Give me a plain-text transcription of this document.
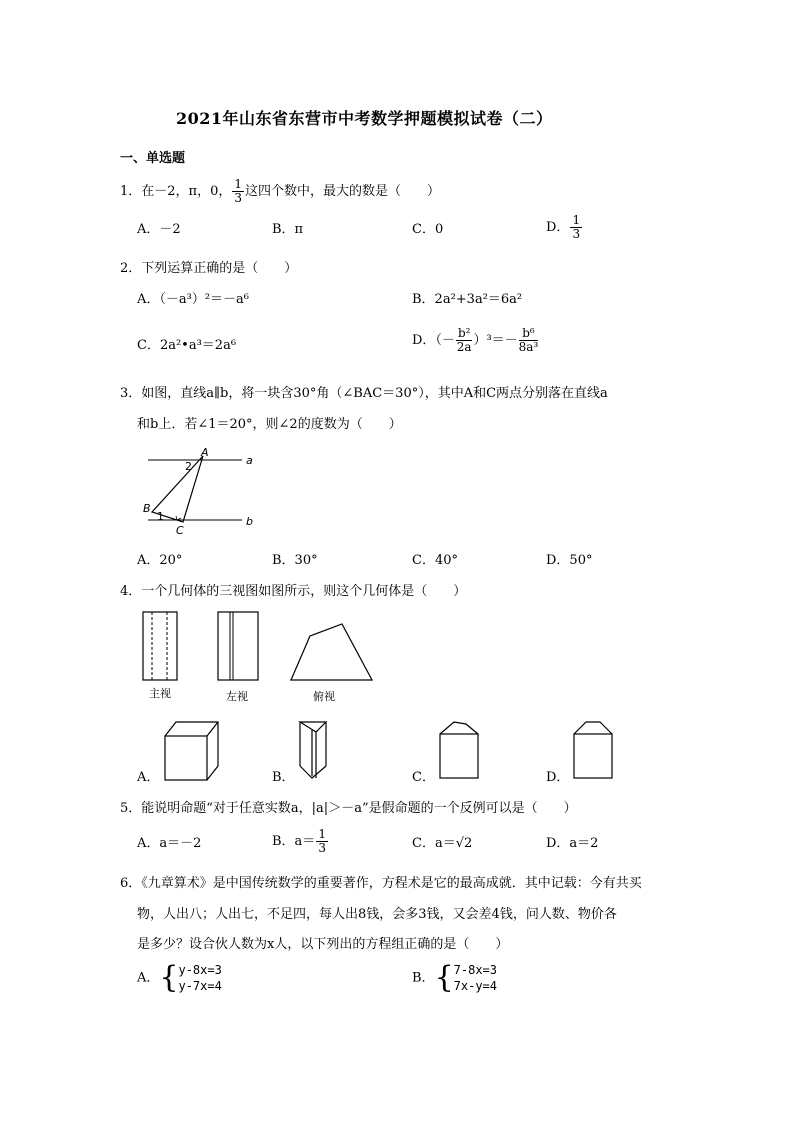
2021年山东省东营市中考数学押题模拟试卷（二）
一、单选题
1．在－2，π，0， $\frac{1}{3}$ 这四个数中，最大的数是（　　）
A．－2	B．π	C．0	D． $\frac{1}{3}$
2．下列运算正确的是（　　）
A．（－a³）²＝－a⁶	B．2a²+3a²＝6a²
C．2a²•a³＝2a⁶	D．（－ $\frac{\text{b²}}{2a} )^3=- \frac{\text{b⁶}}{\text{8a³}}$
3．如图，直线a∥b，将一块含30°角（∠BAC＝30°），其中A和C两点分别落在直线a
和b上．若∠1＝20°，则∠2的度数为（　　）
A
B
C
a
b
1
2
A．20°	B．30°	C．40°	D．50°
4．一个几何体的三视图如图所示，则这个几何体是（　　）
主视	左视	俯视
A．	B．	C．	D．
5．能说明命题“对于任意实数a，|a|＞－a”是假命题的一个反例可以是（　　）
A．a＝－2	B．$a= \frac{1}{3}$	C．a＝√2	D．a＝2
6．《九章算术》是中国传统数学的重要著作，方程术是它的最高成就．其中记载：今有共买
物，人出八；人出七，不足四，每人出8钱，会多3钱，又会差4钱，问人数、物价各
是多少？设合伙人数为x人，以下列出的方程组正确的是（　　）
A．{ y-8x=3
y-7x=4
B．{ 7-8x=3
7x-y=4
